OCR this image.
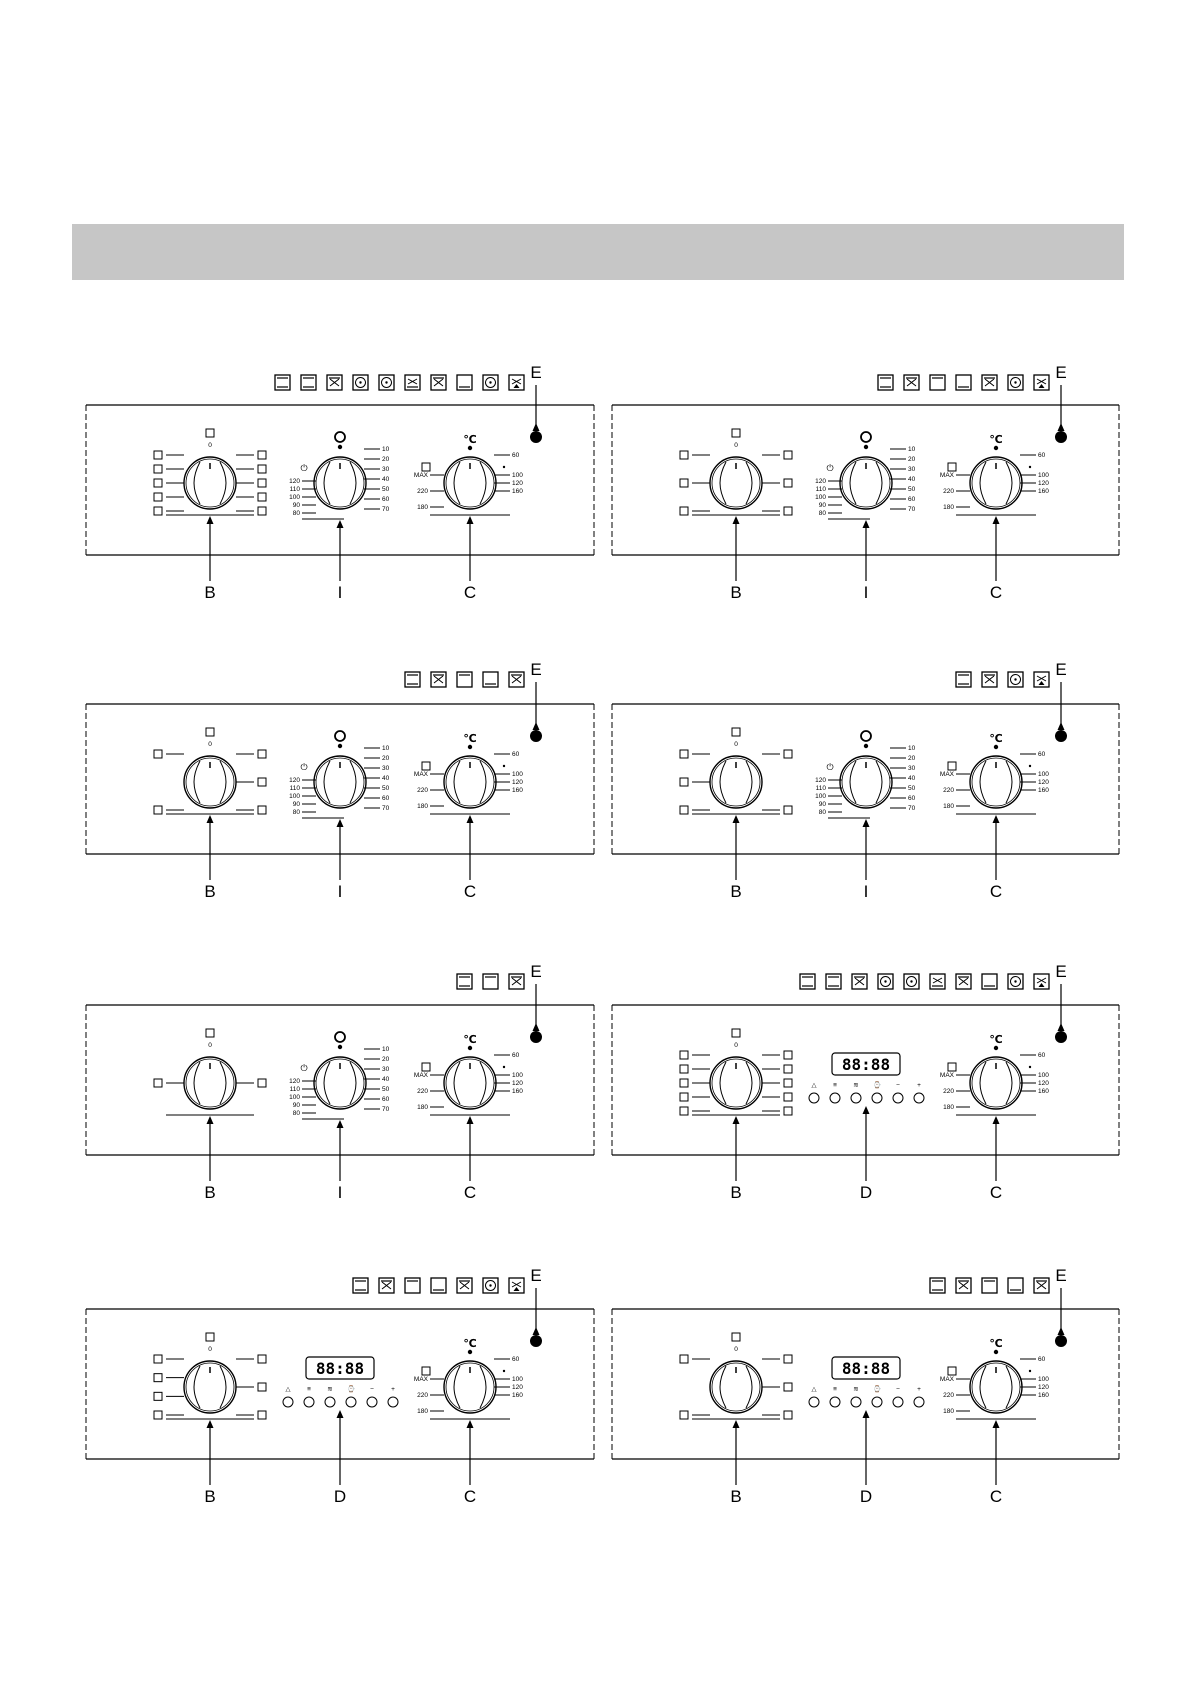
E
0
B
⏻
120
110
100
90
80
10
20
30
40
50
60
70
I
℃
MAX
220
180
60
100
120
160
C
E
0
B
⏻
120
110
100
90
80
10
20
30
40
50
60
70
I
℃
MAX
220
180
60
100
120
160
C
E
0
B
⏻
120
110
100
90
80
10
20
30
40
50
60
70
I
℃
MAX
220
180
60
100
120
160
C
E
0
B
⏻
120
110
100
90
80
10
20
30
40
50
60
70
I
℃
MAX
220
180
60
100
120
160
C
E
0
B
⏻
120
110
100
90
80
10
20
30
40
50
60
70
I
℃
MAX
220
180
60
100
120
160
C
E
0
B
88:88
△	≡	≋ ⌚ −	+
D
℃
MAX
220
180
60
100
120
160
C
E
0
B
88:88
△	≡	≋ ⌚ −	+
D
℃
MAX
220
180
60
100
120
160
C
E
0
B
88:88
△	≡	≋ ⌚ −	+
D
℃
MAX
220
180
60
100
120
160
C
